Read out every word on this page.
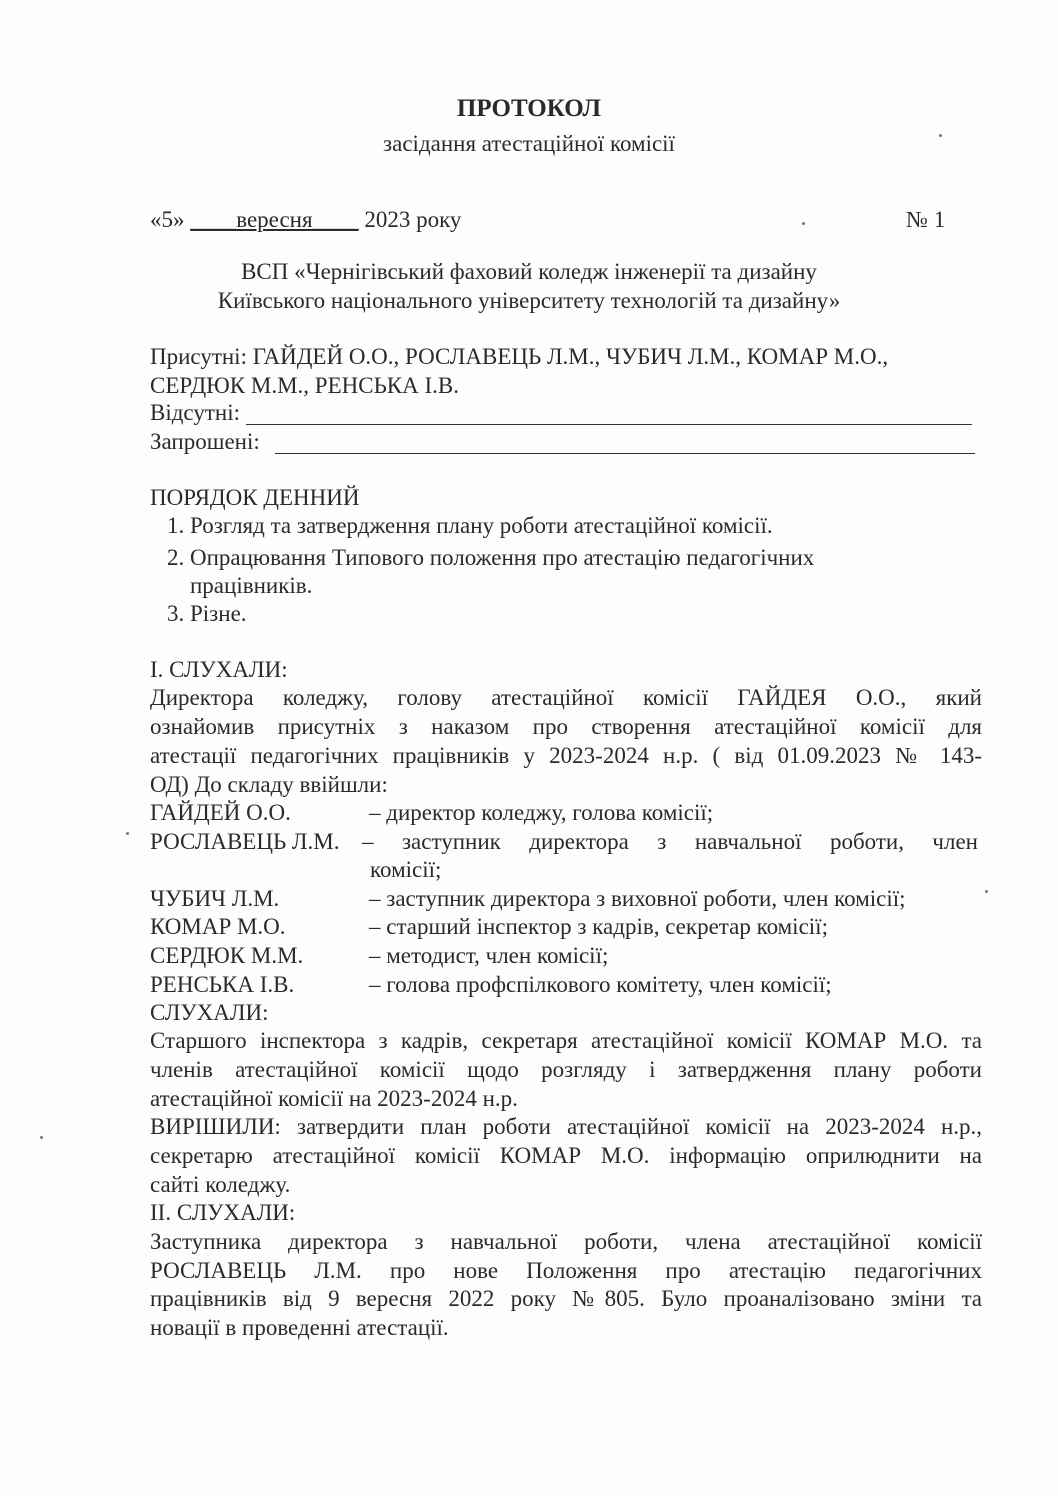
ПРОТОКОЛ
засідання атестаційної комісії
«5» ____вересня____ 2023 року	№ 1
ВСП «Чернігівський фаховий коледж інженерії та дизайну
Київського національного університету технологій та дизайну»
Присутні: ГАЙДЕЙ О.О., РОСЛАВЕЦЬ Л.М., ЧУБИЧ Л.М., КОМАР М.О.,
СЕРДЮК М.М., РЕНСЬКА І.В.
Відсутні:
Запрошені:
ПОРЯДОК ДЕННИЙ
1. Розгляд та затвердження плану роботи атестаційної комісії.
2. Опрацювання Типового положення про атестацію педагогічних
працівників.
3. Різне.
І. СЛУХАЛИ:
Директора коледжу, голову атестаційної комісії ГАЙДЕЯ О.О., який
ознайомив присутніх з наказом про створення атестаційної комісії для
атестації педагогічних працівників у 2023-2024 н.р. ( від 01.09.2023 № 143-
ОД) До складу ввійшли:
ГАЙДЕЙ О.О.	– директор коледжу, голова комісії;
РОСЛАВЕЦЬ Л.М. – заступник директора з навчальної роботи, член
комісії;
ЧУБИЧ Л.М.	– заступник директора з виховної роботи, член комісії;
КОМАР М.О.	– старший інспектор з кадрів, секретар комісії;
СЕРДЮК М.М.	– методист, член комісії;
РЕНСЬКА І.В.	– голова профспілкового комітету, член комісії;
СЛУХАЛИ:
Старшого інспектора з кадрів, секретаря атестаційної комісії КОМАР М.О. та
членів атестаційної комісії щодо розгляду і затвердження плану роботи
атестаційної комісії на 2023-2024 н.р.
ВИРІШИЛИ: затвердити план роботи атестаційної комісії на 2023-2024 н.р.,
секретарю атестаційної комісії КОМАР М.О. інформацію оприлюднити на
сайті коледжу.
ІІ. СЛУХАЛИ:
Заступника директора з навчальної роботи, члена атестаційної комісії
РОСЛАВЕЦЬ Л.М. про нове Положення про атестацію педагогічних
працівників від 9 вересня 2022 року №805. Було проаналізовано зміни та
новації в проведенні атестації.
